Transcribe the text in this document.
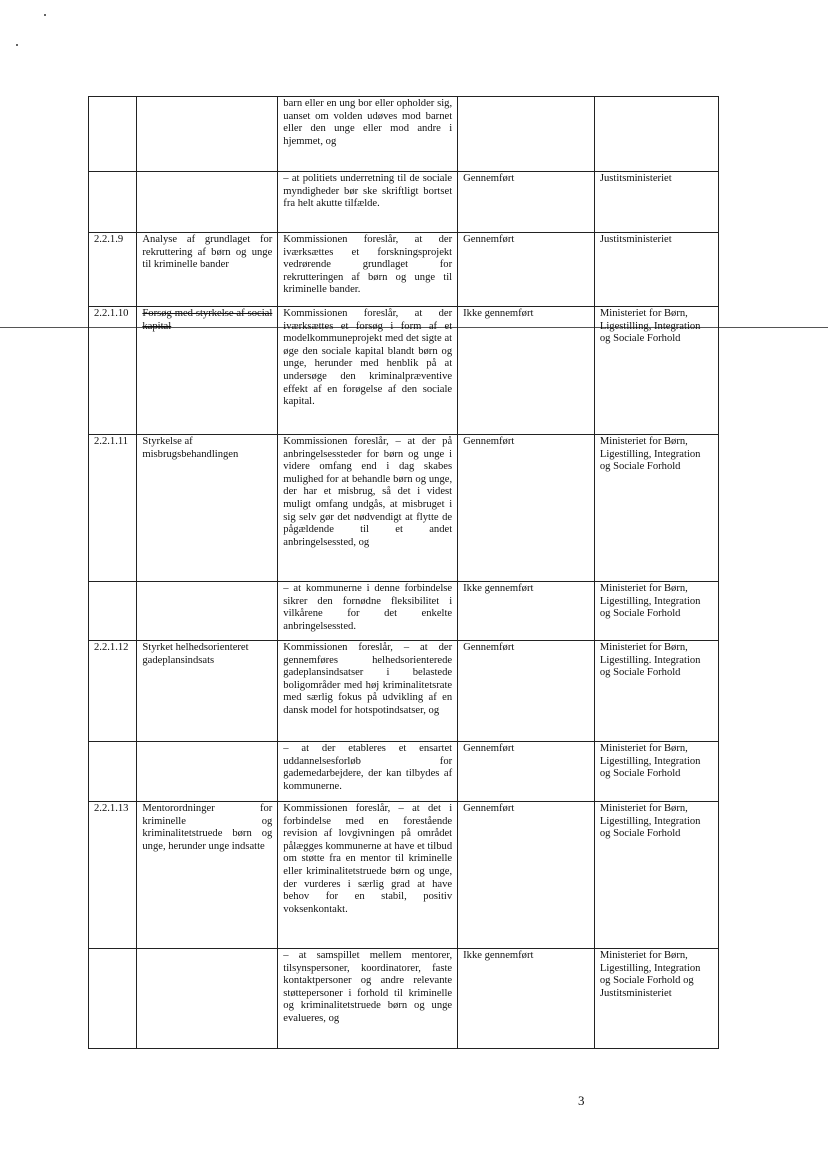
		barn eller en ung bor eller opholder sig, uanset om volden udøves mod barnet eller den unge eller mod andre i hjemmet, og		
		– at politiets underretning til de sociale myndigheder bør ske skriftligt bortset fra helt akutte tilfælde.	Gennemført	Justitsministeriet
2.2.1.9	Analyse af grundlaget for rekruttering af børn og unge til kriminelle bander	Kommissionen foreslår, at der iværksættes et forskningsprojekt vedrørende grundlaget for rekrutteringen af børn og unge til kriminelle bander.	Gennemført	Justitsministeriet
2.2.1.10	Forsøg med styrkelse af social kapital	Kommissionen foreslår, at der iværksættes et forsøg i form af et modelkommuneprojekt med det sigte at øge den sociale kapital blandt børn og unge, herunder med henblik på at undersøge den kriminalpræventive effekt af en forøgelse af den sociale kapital.	Ikke gennemført	Ministeriet for Børn, Ligestilling, Integration og Sociale Forhold
2.2.1.11	Styrkelse af misbrugsbehandlingen	Kommissionen foreslår, – at der på anbringelsessteder for børn og unge i videre omfang end i dag skabes mulighed for at behandle børn og unge, der har et misbrug, så det i videst muligt omfang undgås, at misbruget i sig selv gør det nødvendigt at flytte de pågældende til et andet anbringelsessted, og	Gennemført	Ministeriet for Børn, Ligestilling, Integration og Sociale Forhold
		– at kommunerne i denne forbindelse sikrer den fornødne fleksibilitet i vilkårene for det enkelte anbringelsessted.	Ikke gennemført	Ministeriet for Børn, Ligestilling, Integration og Sociale Forhold
2.2.1.12	Styrket helhedsorienteret gadeplansindsats	Kommissionen foreslår, – at der gennemføres helhedsorienterede gadeplansindsatser i belastede boligområder med høj kriminalitetsrate med særlig fokus på udvikling af en dansk model for hotspotindsatser, og	Gennemført	Ministeriet for Børn, Ligestilling. Integration og Sociale Forhold
		– at der etableres et ensartet uddannelsesforløb for gademedarbejdere, der kan tilbydes af kommunerne.	Gennemført	Ministeriet for Børn, Ligestilling, Integration og Sociale Forhold
2.2.1.13	Mentorordninger for kriminelle og kriminalitetstruede børn og unge, herunder unge indsatte	Kommissionen foreslår, – at det i forbindelse med en forestående revision af lovgivningen på området pålægges kommunerne at have et tilbud om støtte fra en mentor til kriminelle eller kriminalitetstruede børn og unge, der vurderes i særlig grad at have behov for en stabil, positiv voksenkontakt.	Gennemført	Ministeriet for Børn, Ligestilling, Integration og Sociale Forhold
		– at samspillet mellem mentorer, tilsynspersoner, koordinatorer, faste kontaktpersoner og andre relevante støttepersoner i forhold til kriminelle og kriminalitetstruede børn og unge evalueres, og	Ikke gennemført	Ministeriet for Børn, Ligestilling, Integration og Sociale Forhold og Justitsministeriet
3
